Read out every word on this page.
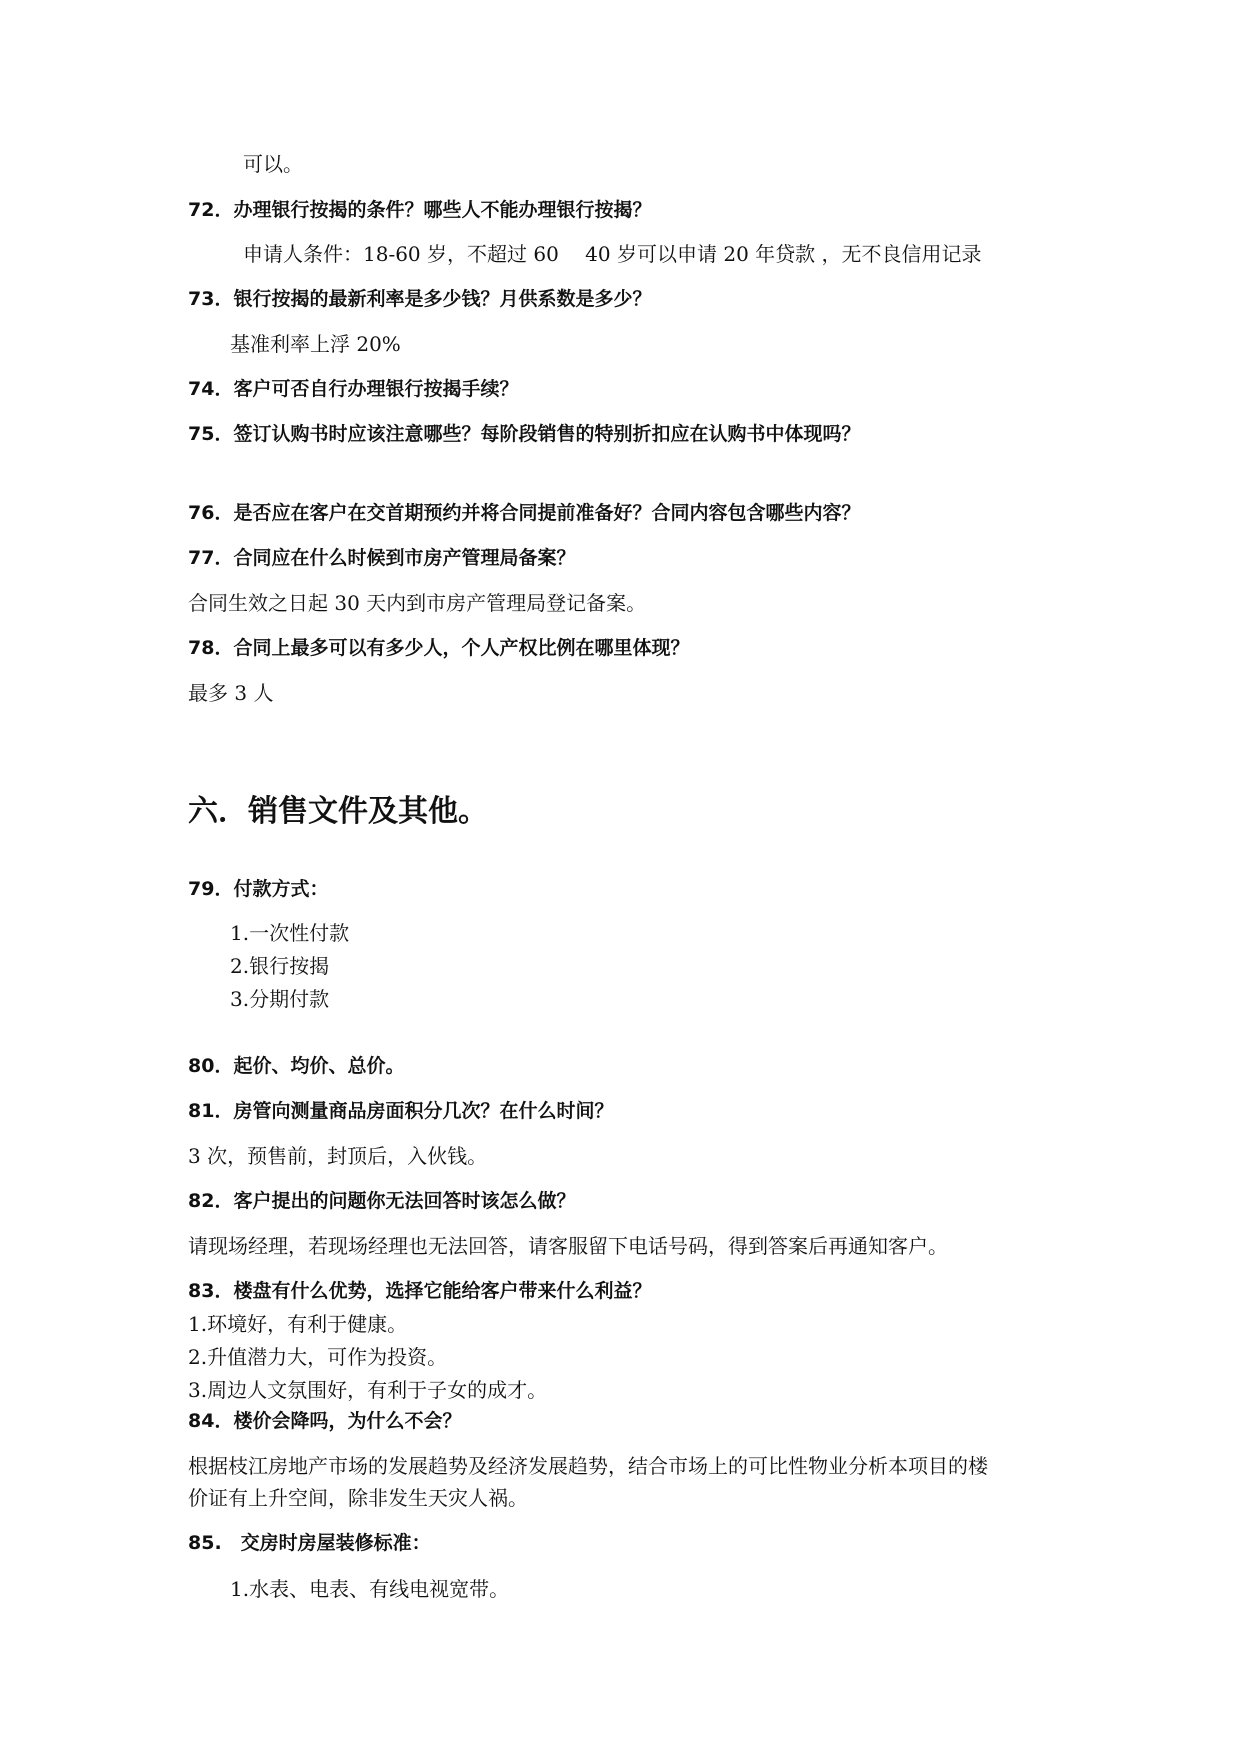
可以。
72．办理银行按揭的条件？哪些人不能办理银行按揭？
申请人条件：18-60 岁，不超过 60　 40 岁可以申请 20 年贷款 ，无不良信用记录
73．银行按揭的最新利率是多少钱？月供系数是多少？
基准利率上浮 20%
74．客户可否自行办理银行按揭手续？
75．签订认购书时应该注意哪些？每阶段销售的特别折扣应在认购书中体现吗？
76．是否应在客户在交首期预约并将合同提前准备好？合同内容包含哪些内容？
77．合同应在什么时候到市房产管理局备案？
合同生效之日起 30 天内到市房产管理局登记备案。
78．合同上最多可以有多少人，个人产权比例在哪里体现？
最多 3 人
六．销售文件及其他。
79．付款方式：
1.一次性付款
2.银行按揭
3.分期付款
80．起价、均价、总价。
81．房管向测量商品房面积分几次？在什么时间？
3 次，预售前，封顶后，入伙钱。
82．客户提出的问题你无法回答时该怎么做？
请现场经理，若现场经理也无法回答，请客服留下电话号码，得到答案后再通知客户。
83．楼盘有什么优势，选择它能给客户带来什么利益？
1.环境好，有利于健康。
2.升值潜力大，可作为投资。
3.周边人文氛围好，有利于子女的成才。
84．楼价会降吗，为什么不会？
根据枝江房地产市场的发展趋势及经济发展趋势，结合市场上的可比性物业分析本项目的楼
价证有上升空间，除非发生天灾人祸。
85.　交房时房屋装修标准：
1.水表、电表、有线电视宽带。
